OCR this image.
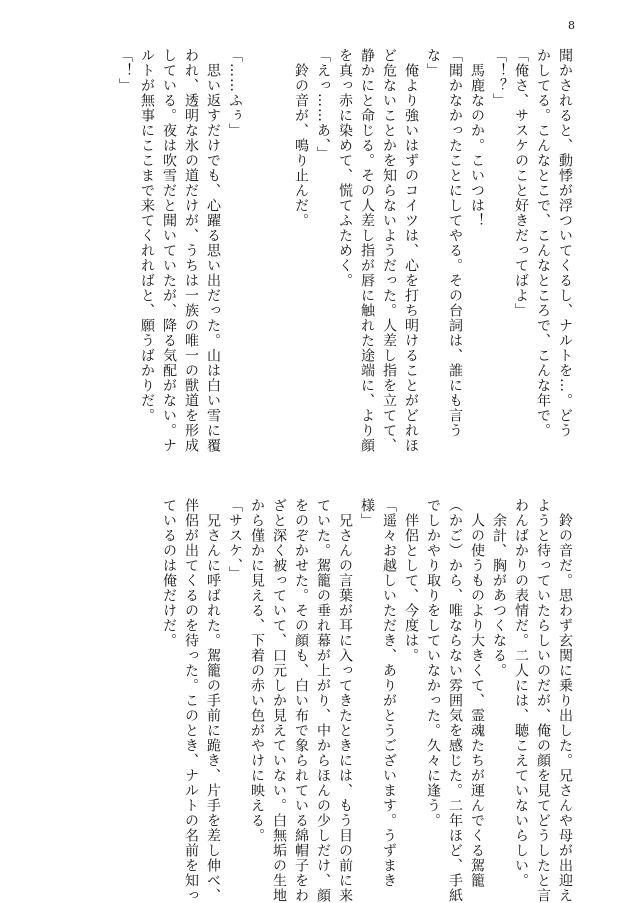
8
聞かされると、動悸が浮ついてくるし、ナルトを…。どう
かしてる。こんなとこで、こんなところで、こんな年で。
「俺さ、サスケのこと好きだってばよ」
「！？」
　馬鹿なのか。こいつは！
「聞かなかったことにしてやる。その台詞は、誰にも言う
な」
　俺より強いはずのコイツは、心を打ち明けることがどれほ
ど危ないことかを知らないようだった。人差し指を立てて、
静かにと命じる。その人差し指が唇に触れた途端に、より顔
を真っ赤に染めて、慌てふためく。
「えっ……あ、」
　鈴の音が、鳴り止んだ。

「……ふぅ」
　思い返すだけでも、心躍る思い出だった。山は白い雪に覆
われ、透明な氷の道だけが、うちは一族の唯一の獣道を形成
している。夜は吹雪だと聞いていたが、降る気配がない。ナ
ルトが無事にここまで来てくれればと、願うばかりだ。
「！」
　鈴の音だ。思わず玄関に乗り出した。兄さんや母が出迎え
ようと待っていたらしいのだが、俺の顔を見てどうしたと言
わんばかりの表情だ。二人には、聴こえていないらしい。
　余計、胸があつくなる。
　人の使うものより大きくて、霊魂たちが運んでくる駕籠
（かご）から、唯ならない雰囲気を感じた。二年ほど、手紙
でしかやり取りをしていなかった。久々に逢う。
　伴侶として、今度は。
「遥々お越しいただき、ありがとうございます。うずまき
様」
　兄さんの言葉が耳に入ってきたときには、もう目の前に来
ていた。駕籠の垂れ幕が上がり、中からほんの少しだけ、顔
をのぞかせた。その顔も、白い布で象られている綿帽子をわ
ざと深く被っていて、口元しか見えていない。白無垢の生地
から僅かに見える、下着の赤い色がやけに映える。
「サスケ、」
　兄さんに呼ばれた。駕籠の手前に跪き、片手を差し伸べ、
伴侶が出てくるのを待った。このとき、ナルトの名前を知っ
ているのは俺だけだ。
